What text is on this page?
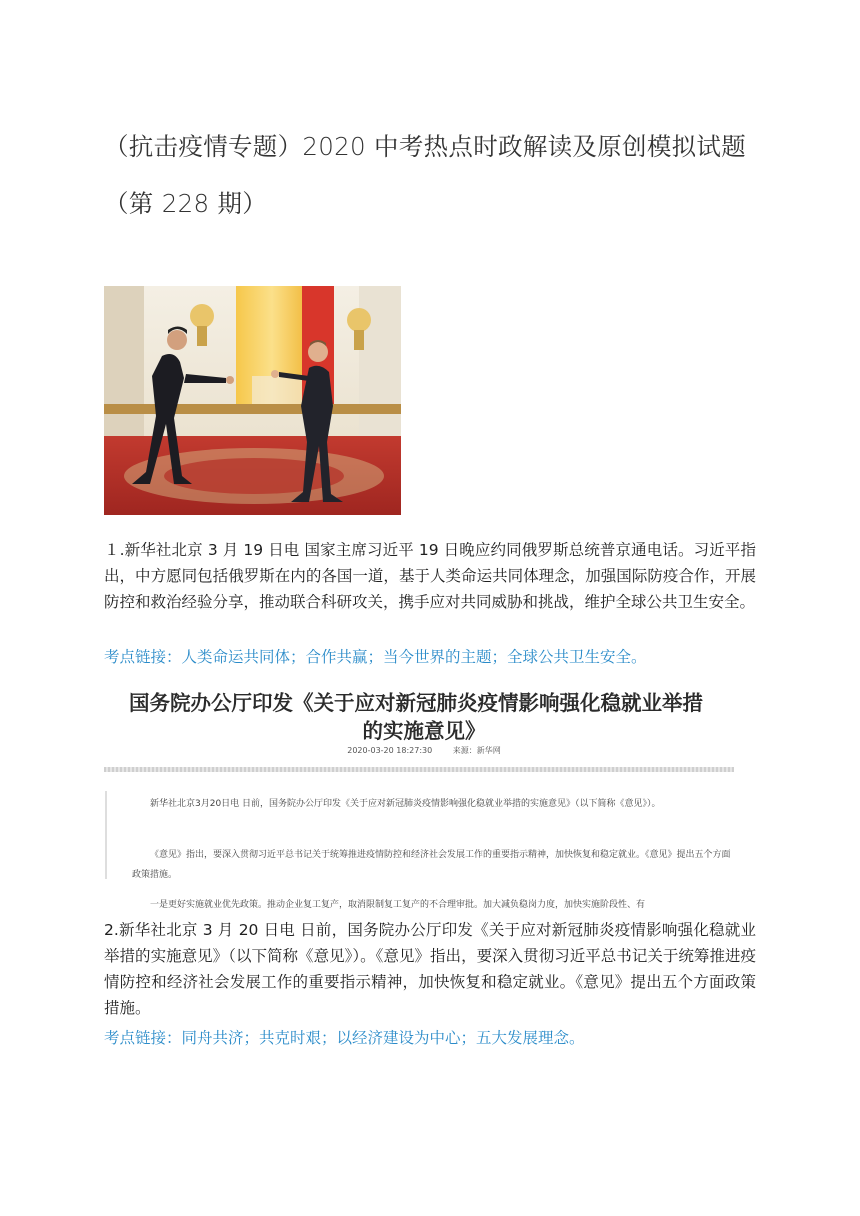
（抗击疫情专题）2020 中考热点时政解读及原创模拟试题
（第 228 期）
１.新华社北京 3 月 19 日电 国家主席习近平 19 日晚应约同俄罗斯总统普京通电话。习近平指出，中方愿同包括俄罗斯在内的各国一道，基于人类命运共同体理念，加强国际防疫合作，开展防控和救治经验分享，推动联合科研攻关，携手应对共同威胁和挑战，维护全球公共卫生安全。
考点链接：人类命运共同体；合作共赢；当今世界的主题；全球公共卫生安全。
国务院办公厅印发《关于应对新冠肺炎疫情影响强化稳就业举措
的实施意见》
2020-03-20 18:27:30	来源：新华网
新华社北京3月20日电 日前，国务院办公厅印发《关于应对新冠肺炎疫情影响强化稳就业举措的实施意见》（以下简称《意见》）。
《意见》指出，要深入贯彻习近平总书记关于统筹推进疫情防控和经济社会发展工作的重要指示精神，加快恢复和稳定就业。《意见》提出五个方面政策措施。
一是更好实施就业优先政策。推动企业复工复产，取消限制复工复产的不合理审批。加大减负稳岗力度，加快实施阶段性、有
2.新华社北京 3 月 20 日电 日前，国务院办公厅印发《关于应对新冠肺炎疫情影响强化稳就业举措的实施意见》（以下简称《意见》）。《意见》指出，要深入贯彻习近平总书记关于统筹推进疫情防控和经济社会发展工作的重要指示精神，加快恢复和稳定就业。《意见》提出五个方面政策措施。
考点链接：同舟共济；共克时艰；以经济建设为中心；五大发展理念。
